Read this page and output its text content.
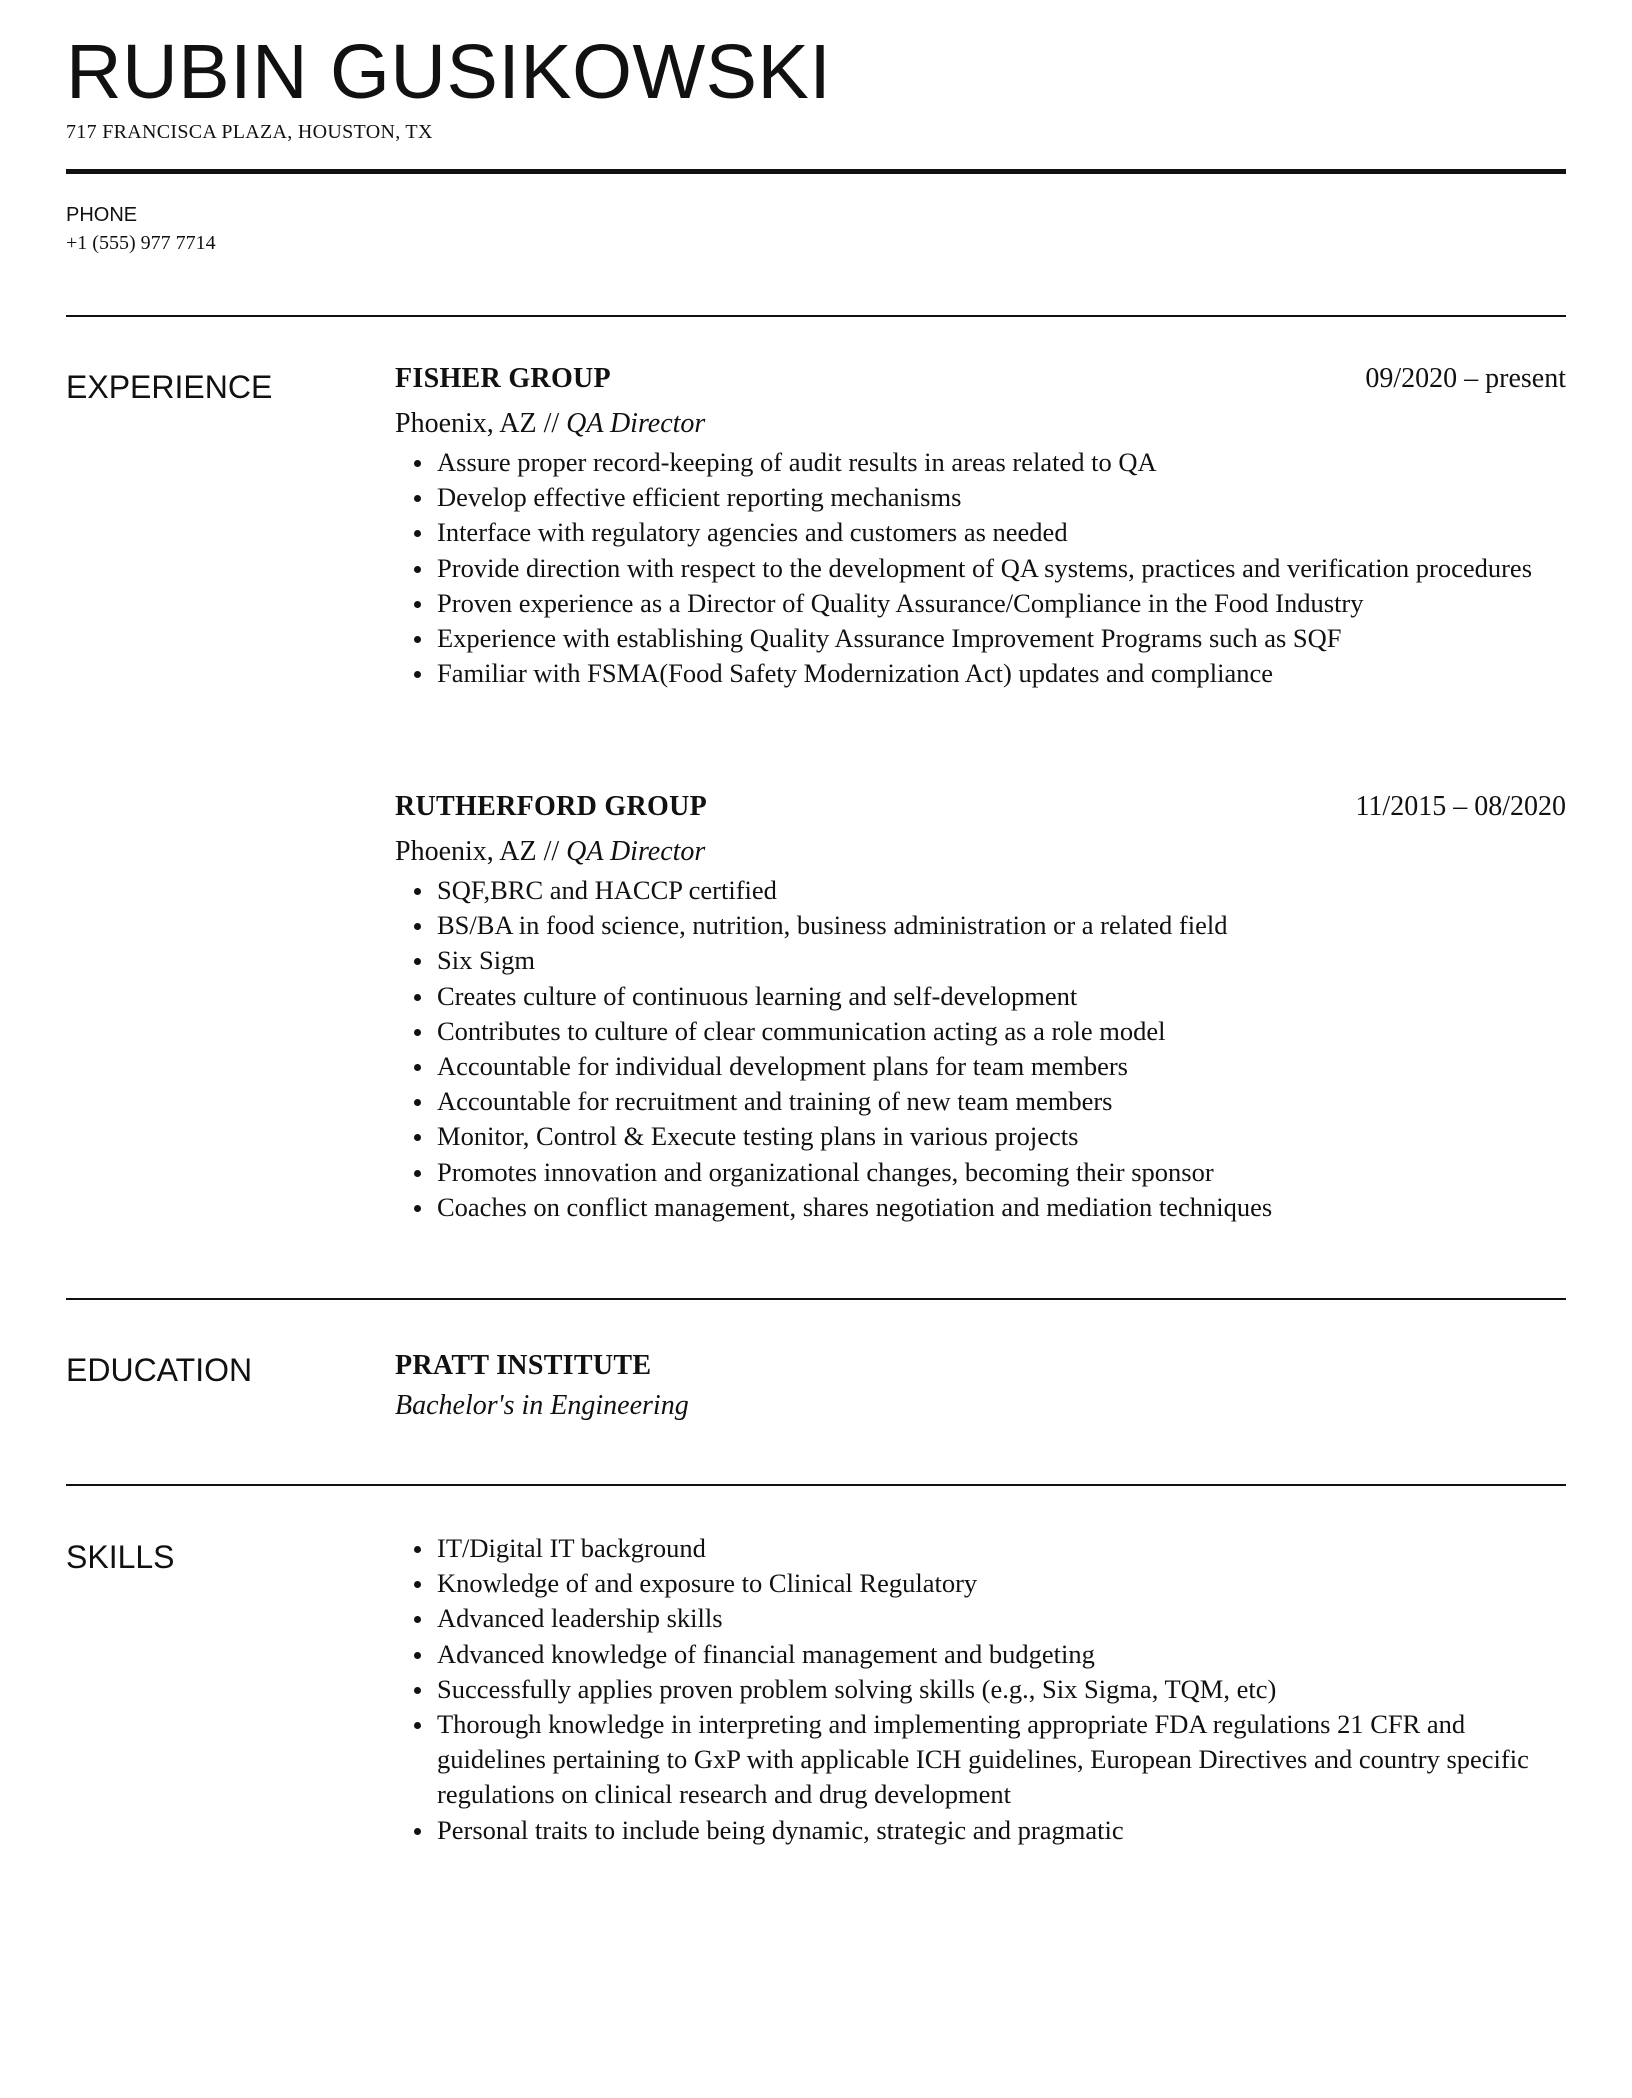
RUBIN GUSIKOWSKI
717 FRANCISCA PLAZA, HOUSTON, TX
PHONE
+1 (555) 977 7714
EXPERIENCE	FISHER GROUP	09/2020 – present
Phoenix, AZ // QA Director
Assure proper record-keeping of audit results in areas related to QA
Develop effective efficient reporting mechanisms
Interface with regulatory agencies and customers as needed
Provide direction with respect to the development of QA systems, practices and verification procedures
Proven experience as a Director of Quality Assurance/Compliance in the Food Industry
Experience with establishing Quality Assurance Improvement Programs such as SQF
Familiar with FSMA(Food Safety Modernization Act) updates and compliance
RUTHERFORD GROUP	11/2015 – 08/2020
Phoenix, AZ // QA Director
SQF,BRC and HACCP certified
BS/BA in food science, nutrition, business administration or a related field
Six Sigm
Creates culture of continuous learning and self-development
Contributes to culture of clear communication acting as a role model
Accountable for individual development plans for team members
Accountable for recruitment and training of new team members
Monitor, Control & Execute testing plans in various projects
Promotes innovation and organizational changes, becoming their sponsor
Coaches on conflict management, shares negotiation and mediation techniques
EDUCATION	PRATT INSTITUTE
Bachelor's in Engineering
SKILLS	IT/Digital IT background
Knowledge of and exposure to Clinical Regulatory
Advanced leadership skills
Advanced knowledge of financial management and budgeting
Successfully applies proven problem solving skills (e.g., Six Sigma, TQM, etc)
Thorough knowledge in interpreting and implementing appropriate FDA regulations 21 CFR and guidelines pertaining to GxP with applicable ICH guidelines, European Directives and country specific regulations on clinical research and drug development
Personal traits to include being dynamic, strategic and pragmatic
